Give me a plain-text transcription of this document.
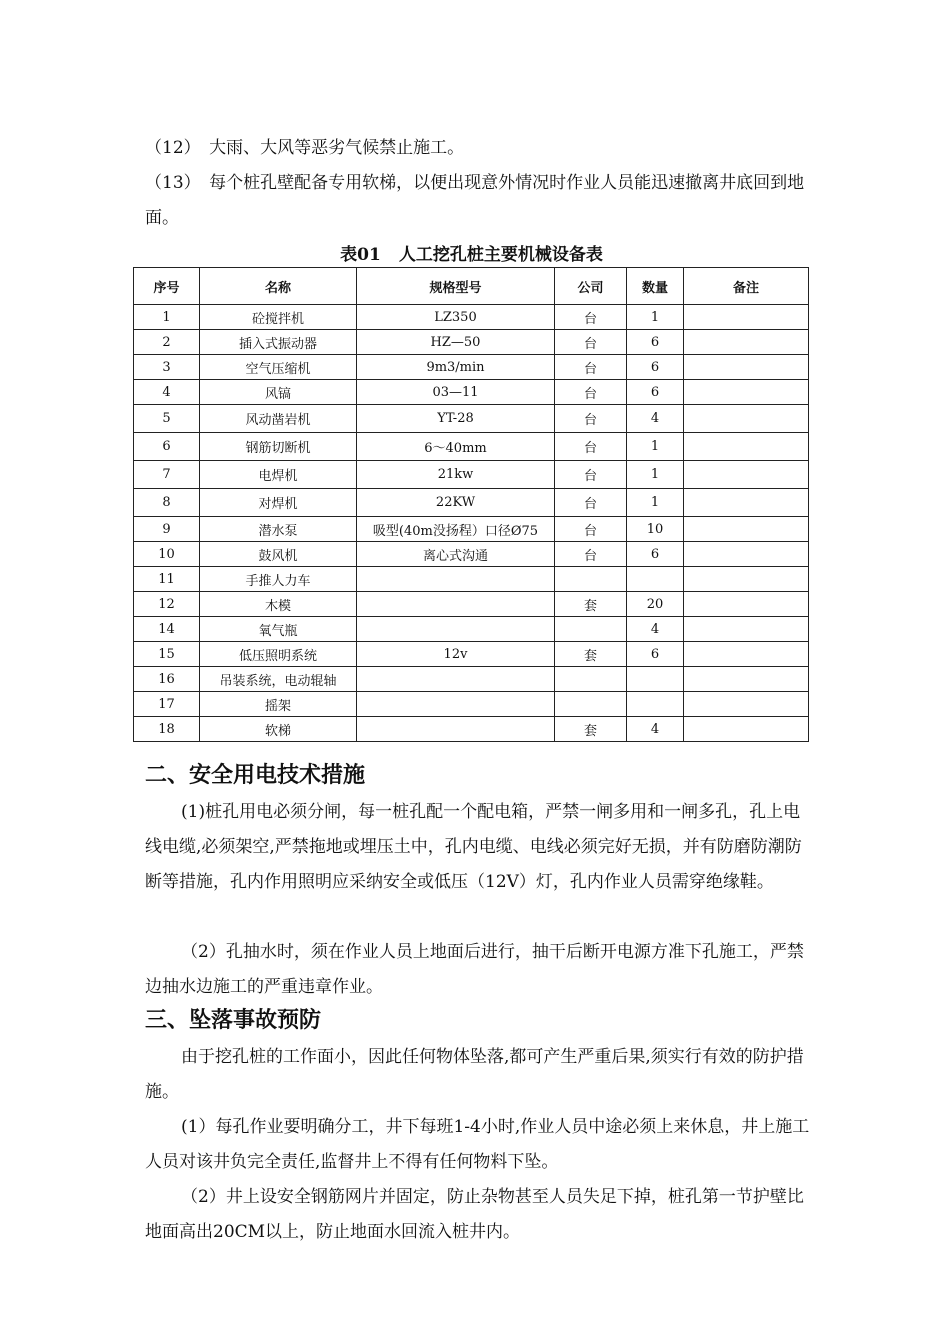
（12）　大雨、大风等恶劣气候禁止施工。

（13）　每个桩孔壁配备专用软梯，以便出现意外情况时作业人员能迅速撤离井底回到地面。

表01 人工挖孔桩主要机械设备表

序号	名称	规格型号	公司	数量	备注
1	砼搅拌机	LZ350	台	1	
2	插入式振动器	HZ—50	台	6	
3	空气压缩机	9m3/min	台	6	
4	风镐	03—11	台	6	
5	风动凿岩机	YT-28	台	4	
6	钢筋切断机	6～40mm	台	1	
7	电焊机	21kw	台	1	
8	对焊机	22KW	台	1	
9	潜水泵	吸型(40m没扬程）口径Ø75	台	10	
10	鼓风机	离心式沟通	台	6	
11	手推人力车				
12	木模		套	20	
14	氧气瓶			4	
15	低压照明系统	12v	套	6	
16	吊装系统，电动辊轴				
17	摇架				
18	软梯		套	4	
二、安全用电技术措施

(1)桩孔用电必须分闸，每一桩孔配一个配电箱，严禁一闸多用和一闸多孔，孔上电线电缆,必须架空,严禁拖地或埋压土中，孔内电缆、电线必须完好无损，并有防磨防潮防断等措施，孔内作用照明应采纳安全或低压（12V）灯，孔内作业人员需穿绝缘鞋。

（2）孔抽水时，须在作业人员上地面后进行，抽干后断开电源方准下孔施工，严禁边抽水边施工的严重违章作业。

三、坠落事故预防

由于挖孔桩的工作面小，因此任何物体坠落,都可产生严重后果,须实行有效的防护措施。

(1）每孔作业要明确分工，井下每班1-4小时,作业人员中途必须上来休息，井上施工人员对该井负完全责任,监督井上不得有任何物料下坠。

（2）井上设安全钢筋网片并固定，防止杂物甚至人员失足下掉，桩孔第一节护壁比地面高出20CM以上，防止地面水回流入桩井内。
